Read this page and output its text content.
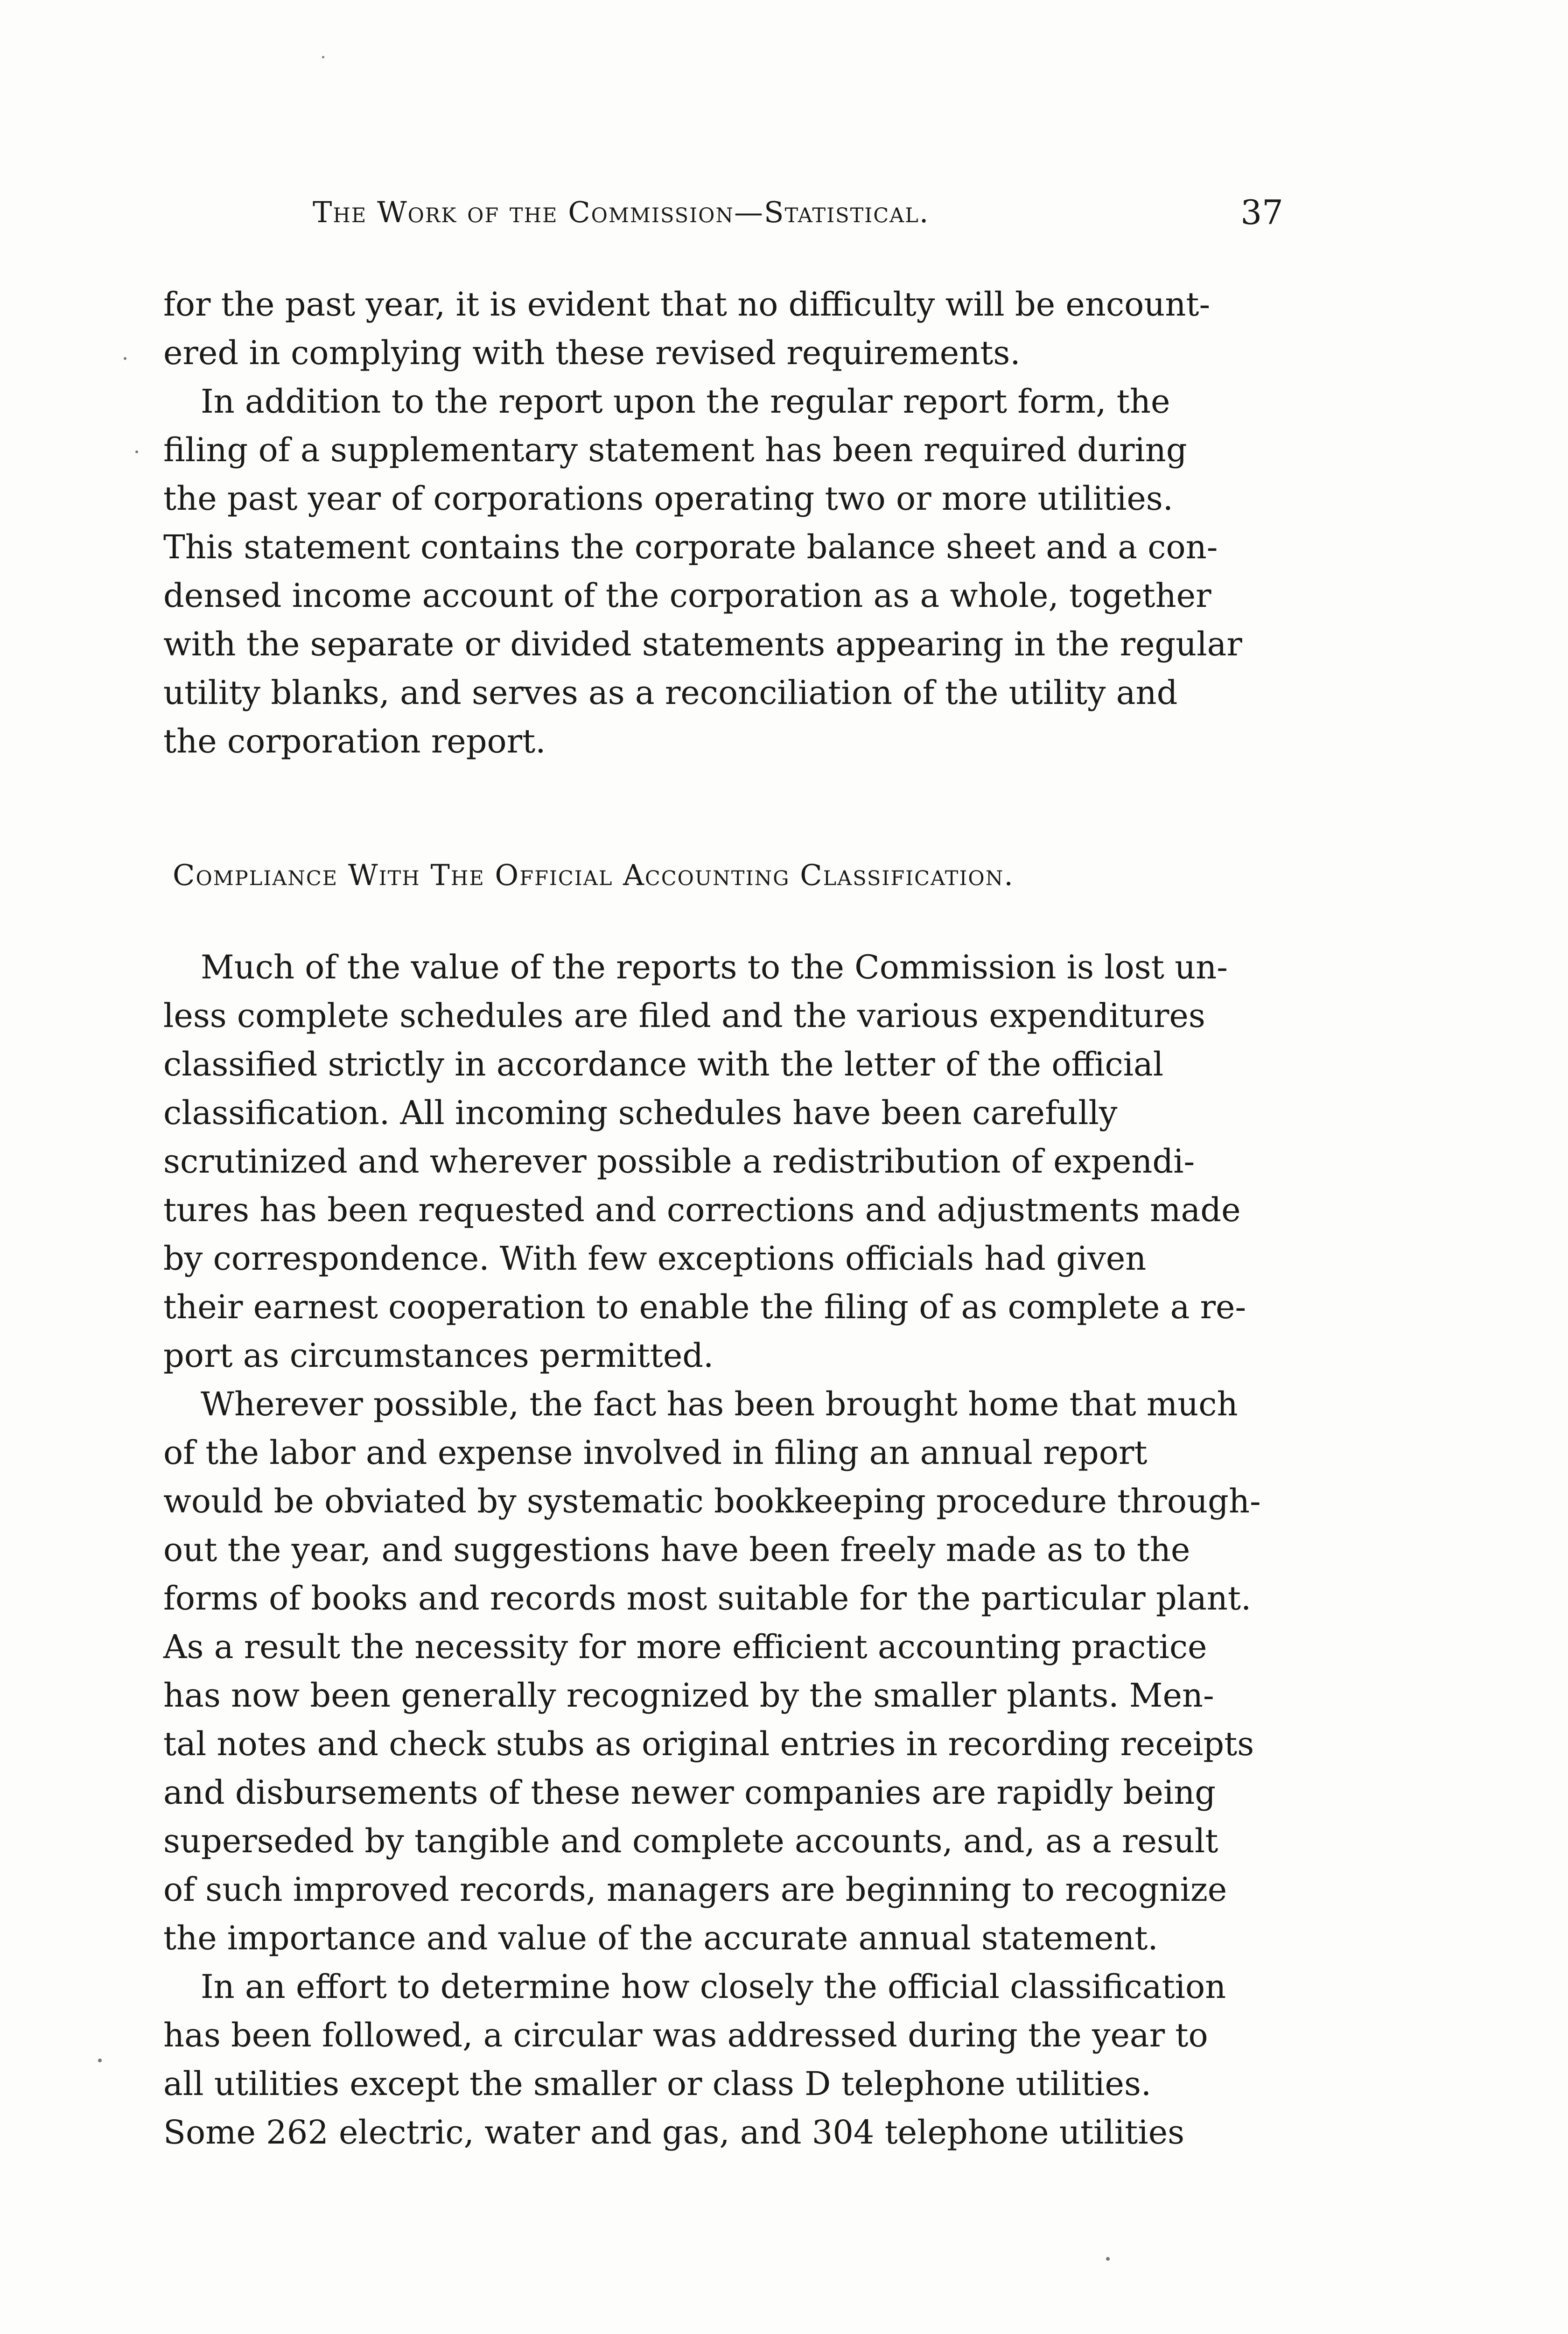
The Work of the Commission—Statistical.	37

for the past year, it is evident that no difficulty will be encount-
ered in complying with these revised requirements.

In addition to the report upon the regular report form, the
filing of a supplementary statement has been required during
the past year of corporations operating two or more utilities.
This statement contains the corporate balance sheet and a con-
densed income account of the corporation as a whole, together
with the separate or divided statements appearing in the regular
utility blanks, and serves as a reconciliation of the utility and
the corporation report.

Compliance With The Official Accounting Classification.

Much of the value of the reports to the Commission is lost un-
less complete schedules are filed and the various expenditures
classified strictly in accordance with the letter of the official
classification. All incoming schedules have been carefully
scrutinized and wherever possible a redistribution of expendi-
tures has been requested and corrections and adjustments made
by correspondence. With few exceptions officials had given
their earnest cooperation to enable the filing of as complete a re-
port as circumstances permitted.

Wherever possible, the fact has been brought home that much
of the labor and expense involved in filing an annual report
would be obviated by systematic bookkeeping procedure through-
out the year, and suggestions have been freely made as to the
forms of books and records most suitable for the particular plant.
As a result the necessity for more efficient accounting practice
has now been generally recognized by the smaller plants. Men-
tal notes and check stubs as original entries in recording receipts
and disbursements of these newer companies are rapidly being
superseded by tangible and complete accounts, and, as a result
of such improved records, managers are beginning to recognize
the importance and value of the accurate annual statement.

In an effort to determine how closely the official classification
has been followed, a circular was addressed during the year to
all utilities except the smaller or class D telephone utilities.
Some 262 electric, water and gas, and 304 telephone utilities
